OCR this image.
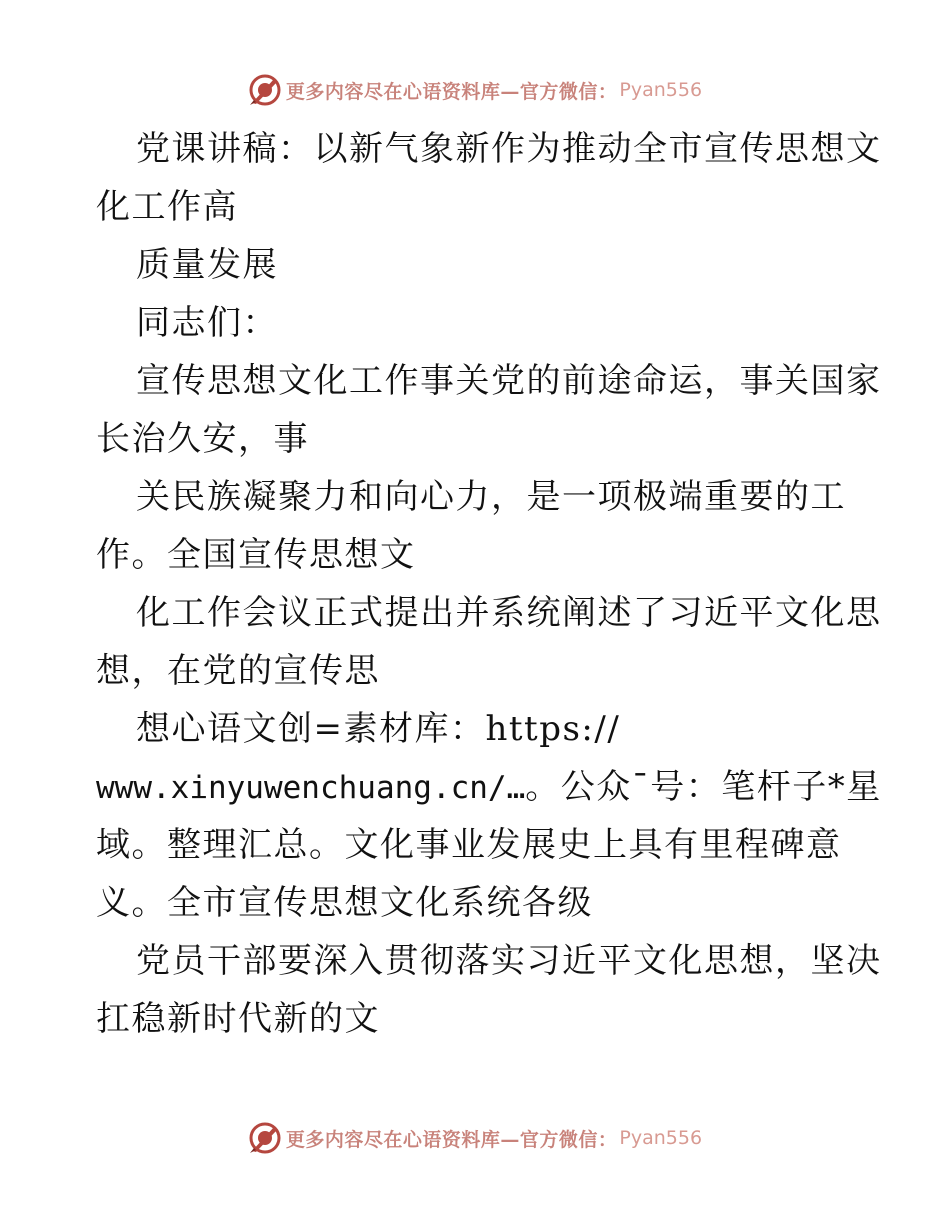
更多内容尽在心语资料库—官方微信： Pyan556
党课讲稿：以新气象新作为推动全市宣传思想文
化工作高
质量发展
同志们：
宣传思想文化工作事关党的前途命运，事关国家
长治久安，事
关民族凝聚力和向心力，是一项极端重要的工
作。全国宣传思想文
化工作会议正式提出并系统阐述了习近平文化思
想，在党的宣传思
想心语文创=素材库：https://
www.xinyuwenchuang.cn/…。公众¯号：笔杆子*星
域。整理汇总。文化事业发展史上具有里程碑意
义。全市宣传思想文化系统各级
党员干部要深入贯彻落实习近平文化思想，坚决
扛稳新时代新的文
更多内容尽在心语资料库—官方微信： Pyan556
